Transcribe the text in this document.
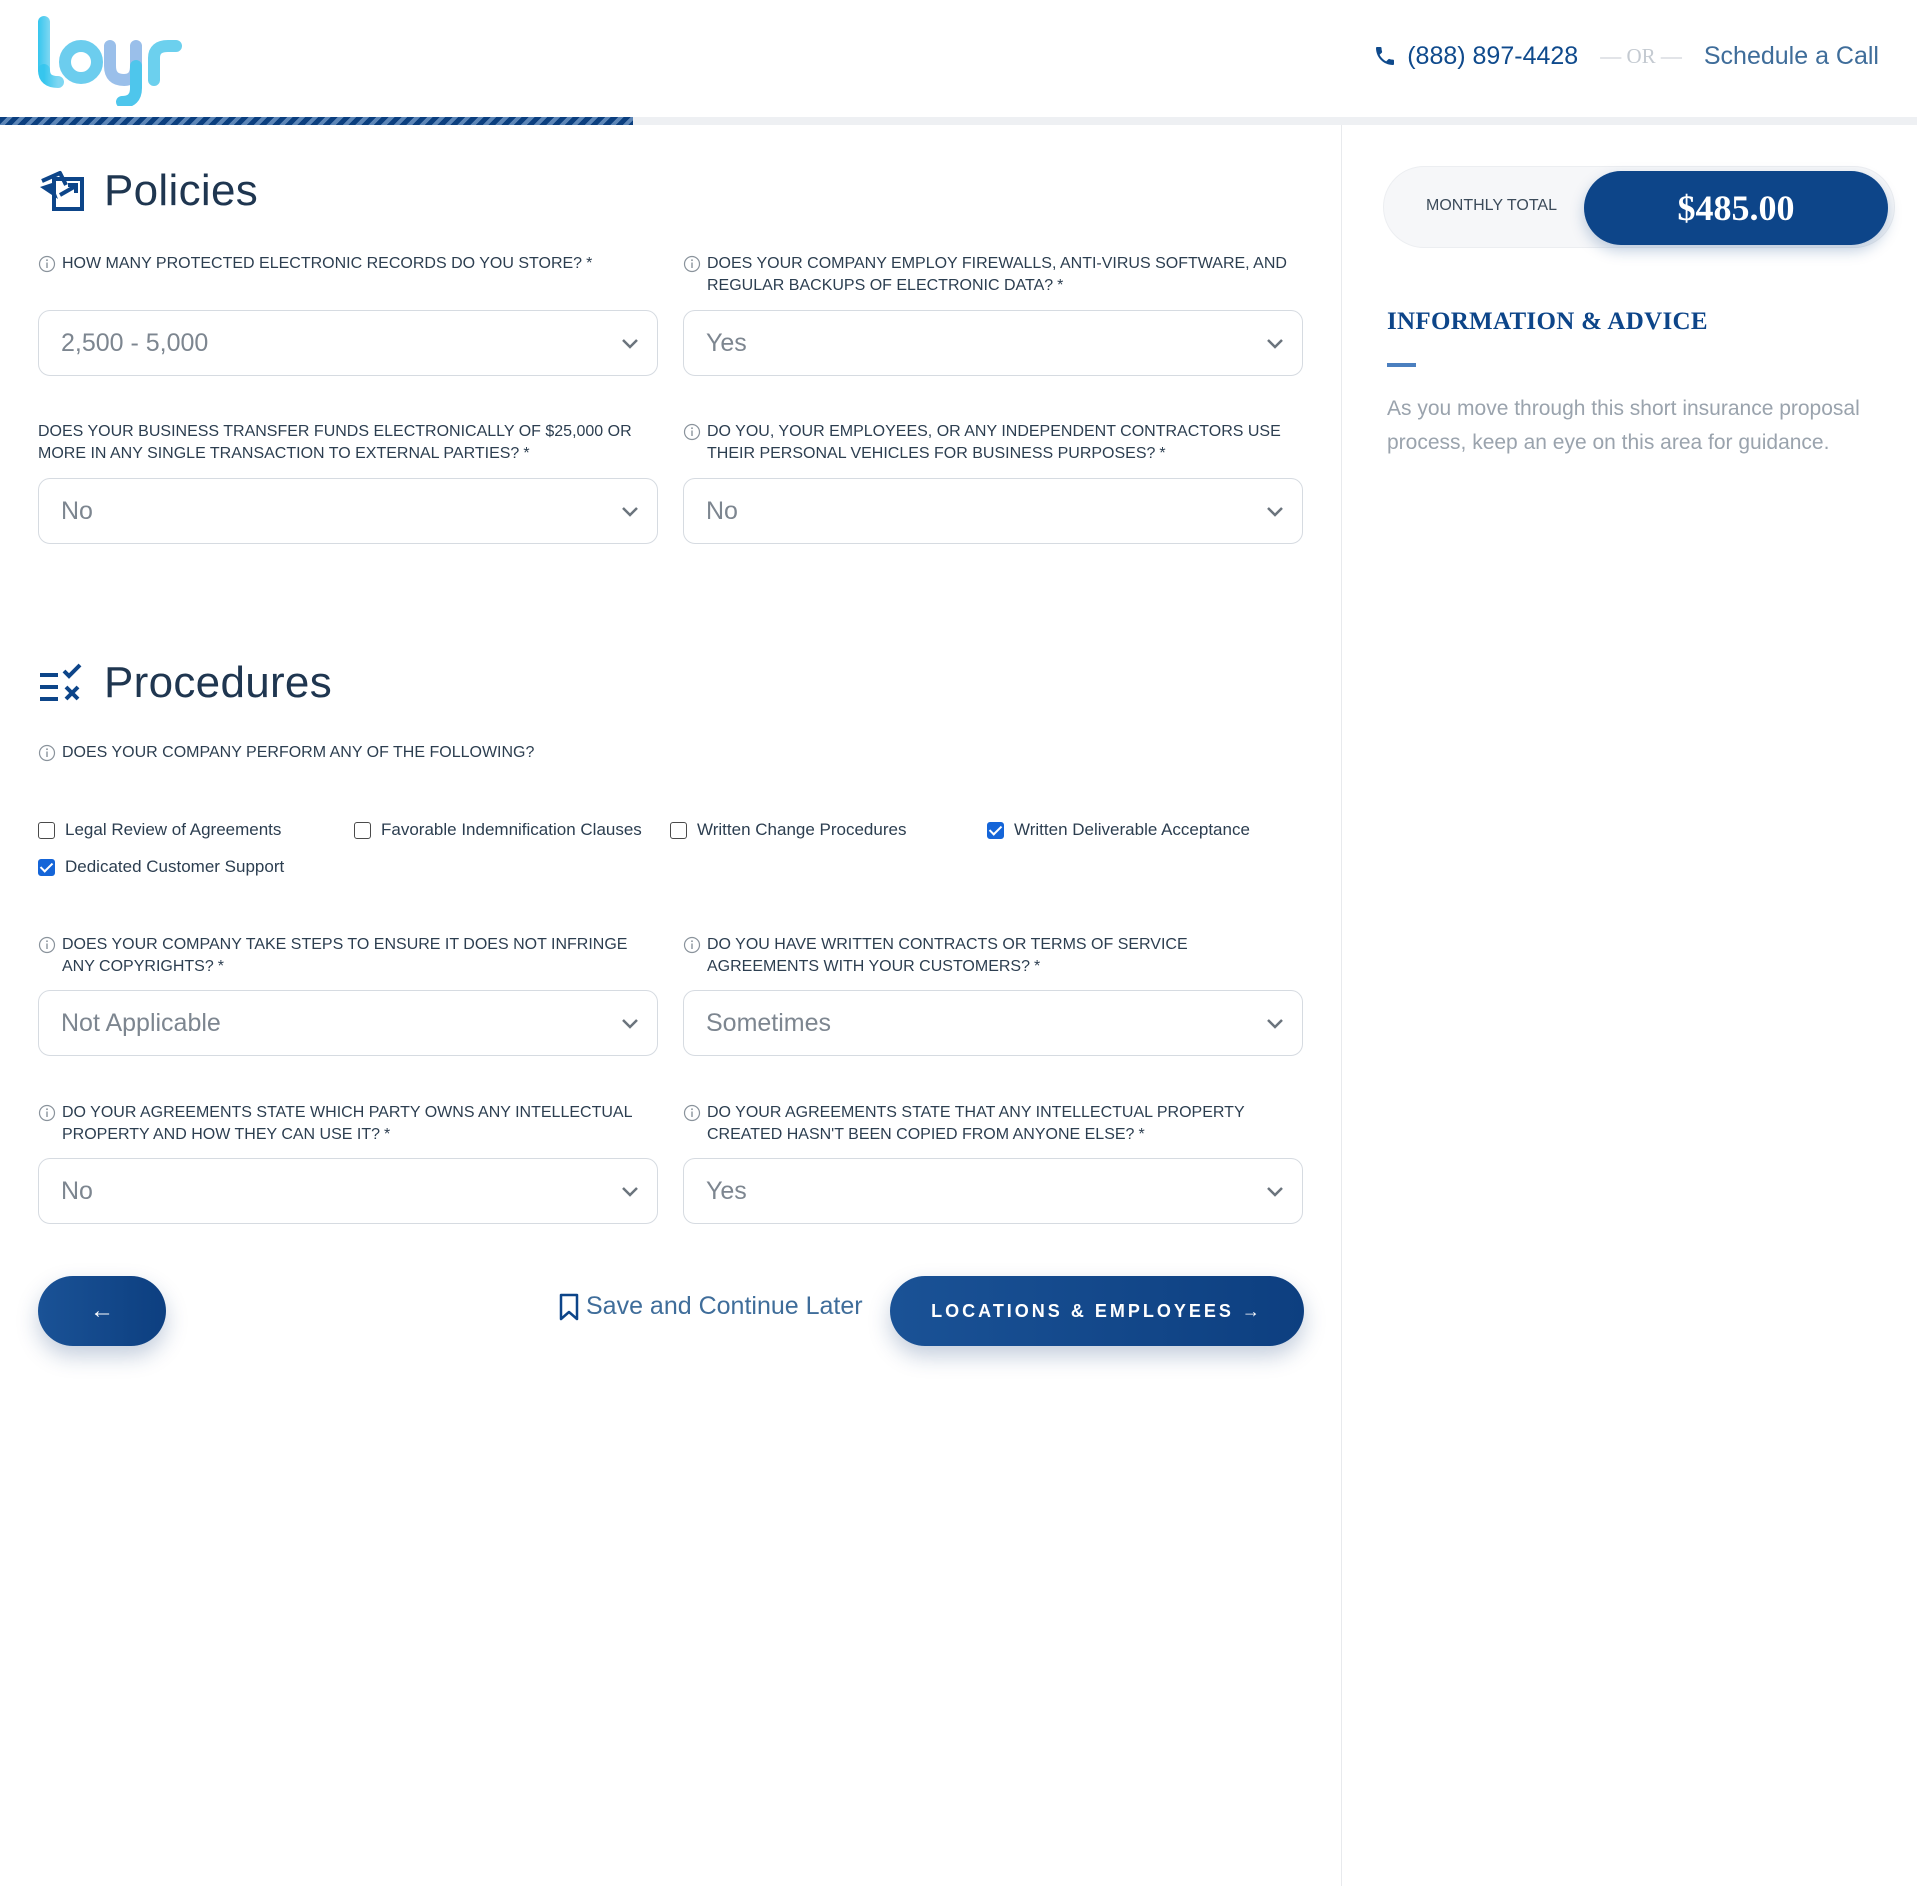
(888) 897-4428 — OR — Schedule a Call
Policies
HOW MANY PROTECTED ELECTRONIC RECORDS DO YOU STORE? *
2,500 - 5,000
DOES YOUR COMPANY EMPLOY FIREWALLS, ANTI-VIRUS SOFTWARE, AND REGULAR BACKUPS OF ELECTRONIC DATA? *
Yes
DOES YOUR BUSINESS TRANSFER FUNDS ELECTRONICALLY OF $25,000 OR MORE IN ANY SINGLE TRANSACTION TO EXTERNAL PARTIES? *
No
DO YOU, YOUR EMPLOYEES, OR ANY INDEPENDENT CONTRACTORS USE THEIR PERSONAL VEHICLES FOR BUSINESS PURPOSES? *
No
Procedures
DOES YOUR COMPANY PERFORM ANY OF THE FOLLOWING?
Legal Review of Agreements	Favorable Indemnification Clauses	Written Change Procedures	Written Deliverable Acceptance
Dedicated Customer Support
DOES YOUR COMPANY TAKE STEPS TO ENSURE IT DOES NOT INFRINGE ANY COPYRIGHTS? *
Not Applicable
DO YOU HAVE WRITTEN CONTRACTS OR TERMS OF SERVICE AGREEMENTS WITH YOUR CUSTOMERS? *
Sometimes
DO YOUR AGREEMENTS STATE WHICH PARTY OWNS ANY INTELLECTUAL PROPERTY AND HOW THEY CAN USE IT? *
No
DO YOUR AGREEMENTS STATE THAT ANY INTELLECTUAL PROPERTY CREATED HASN'T BEEN COPIED FROM ANYONE ELSE? *
Yes
←	Save and Continue Later	LOCATIONS & EMPLOYEES →
MONTHLY TOTAL	$485.00
INFORMATION & ADVICE
As you move through this short insurance proposal process, keep an eye on this area for guidance.
